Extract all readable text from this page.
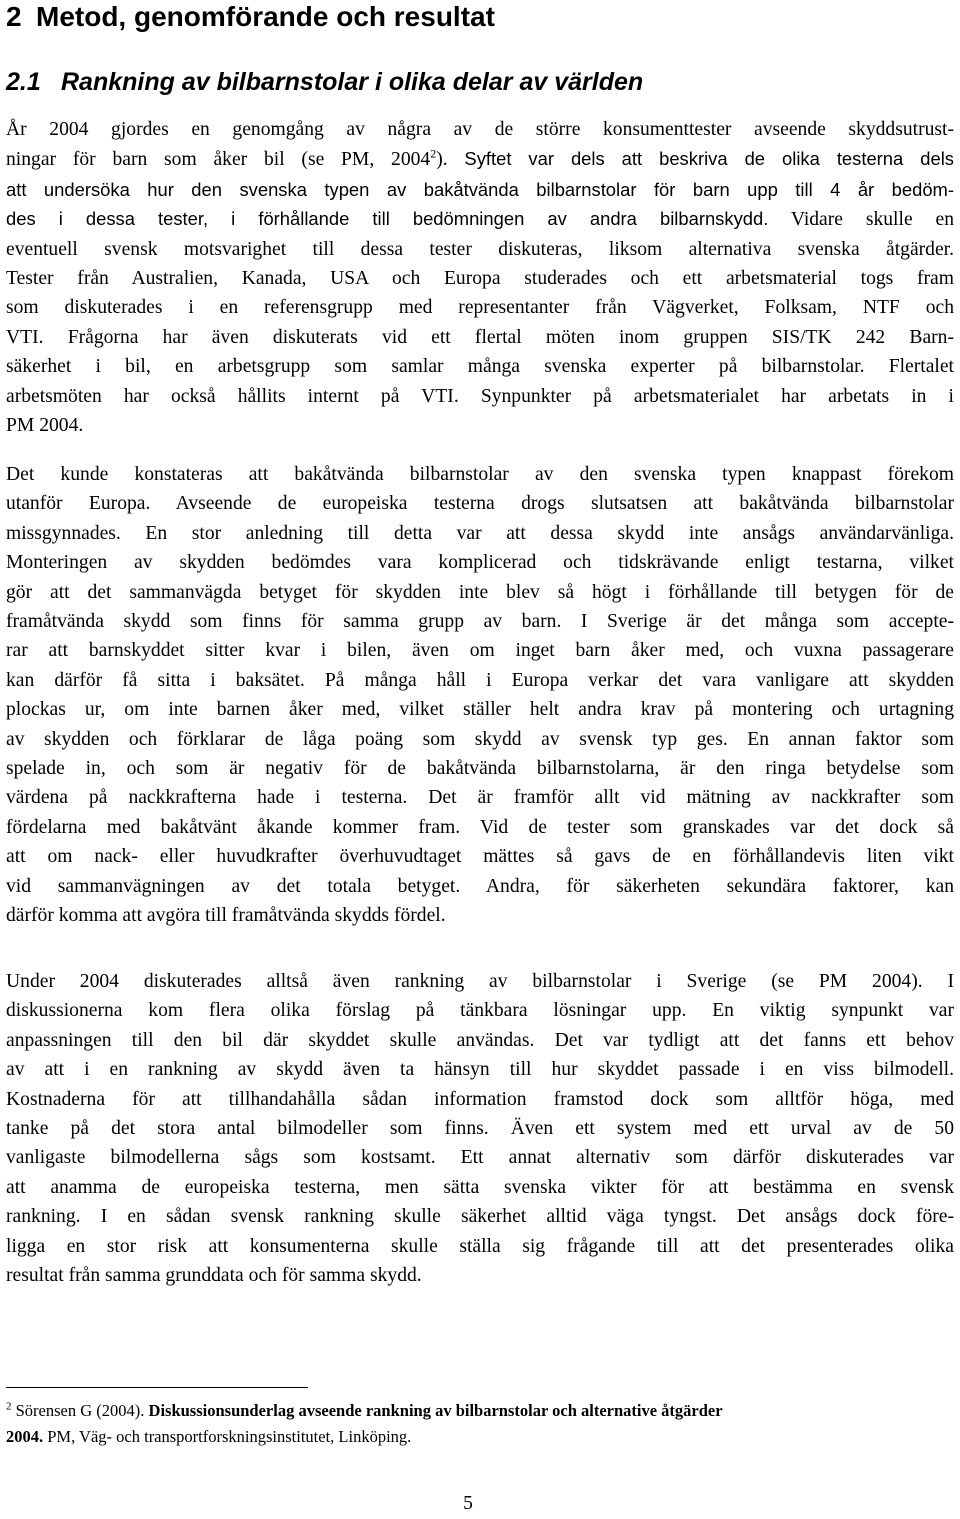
2 Metod, genomförande och resultat
2.1 Rankning av bilbarnstolar i olika delar av världen
År 2004 gjordes en genomgång av några av de större konsumenttester avseende skyddsutrust-
ningar för barn som åker bil (se PM, 2004$^2$). Syftet var dels att beskriva de olika testerna dels
att undersöka hur den svenska typen av bakåtvända bilbarnstolar för barn upp till 4 år bedöm-
des i dessa tester, i förhållande till bedömningen av andra bilbarnskydd. Vidare skulle en
eventuell svensk motsvarighet till dessa tester diskuteras, liksom alternativa svenska åtgärder.
Tester från Australien, Kanada, USA och Europa studerades och ett arbetsmaterial togs fram
som diskuterades i en referensgrupp med representanter från Vägverket, Folksam, NTF och
VTI. Frågorna har även diskuterats vid ett flertal möten inom gruppen SIS/TK 242 Barn-
säkerhet i bil, en arbetsgrupp som samlar många svenska experter på bilbarnstolar. Flertalet
arbetsmöten har också hållits internt på VTI. Synpunkter på arbetsmaterialet har arbetats in i
PM 2004.
Det kunde konstateras att bakåtvända bilbarnstolar av den svenska typen knappast förekom
utanför Europa. Avseende de europeiska testerna drogs slutsatsen att bakåtvända bilbarnstolar
missgynnades. En stor anledning till detta var att dessa skydd inte ansågs användarvänliga.
Monteringen av skydden bedömdes vara komplicerad och tidskrävande enligt testarna, vilket
gör att det sammanvägda betyget för skydden inte blev så högt i förhållande till betygen för de
framåtvända skydd som finns för samma grupp av barn. I Sverige är det många som accepte-
rar att barnskyddet sitter kvar i bilen, även om inget barn åker med, och vuxna passagerare
kan därför få sitta i baksätet. På många håll i Europa verkar det vara vanligare att skydden
plockas ur, om inte barnen åker med, vilket ställer helt andra krav på montering och urtagning
av skydden och förklarar de låga poäng som skydd av svensk typ ges. En annan faktor som
spelade in, och som är negativ för de bakåtvända bilbarnstolarna, är den ringa betydelse som
värdena på nackkrafterna hade i testerna. Det är framför allt vid mätning av nackkrafter som
fördelarna med bakåtvänt åkande kommer fram. Vid de tester som granskades var det dock så
att om nack- eller huvudkrafter överhuvudtaget mättes så gavs de en förhållandevis liten vikt
vid sammanvägningen av det totala betyget. Andra, för säkerheten sekundära faktorer, kan
därför komma att avgöra till framåtvända skydds fördel.
Under 2004 diskuterades alltså även rankning av bilbarnstolar i Sverige (se PM 2004). I
diskussionerna kom flera olika förslag på tänkbara lösningar upp. En viktig synpunkt var
anpassningen till den bil där skyddet skulle användas. Det var tydligt att det fanns ett behov
av att i en rankning av skydd även ta hänsyn till hur skyddet passade i en viss bilmodell.
Kostnaderna för att tillhandahålla sådan information framstod dock som alltför höga, med
tanke på det stora antal bilmodeller som finns. Även ett system med ett urval av de 50
vanligaste bilmodellerna sågs som kostsamt. Ett annat alternativ som därför diskuterades var
att anamma de europeiska testerna, men sätta svenska vikter för att bestämma en svensk
rankning. I en sådan svensk rankning skulle säkerhet alltid väga tyngst. Det ansågs dock före-
ligga en stor risk att konsumenterna skulle ställa sig frågande till att det presenterades olika
resultat från samma grunddata och för samma skydd.
$^2$ Sörensen G (2004). Diskussionsunderlag avseende rankning av bilbarnstolar och alternative åtgärder
2004. PM, Väg- och transportforskningsinstitutet, Linköping.
5
